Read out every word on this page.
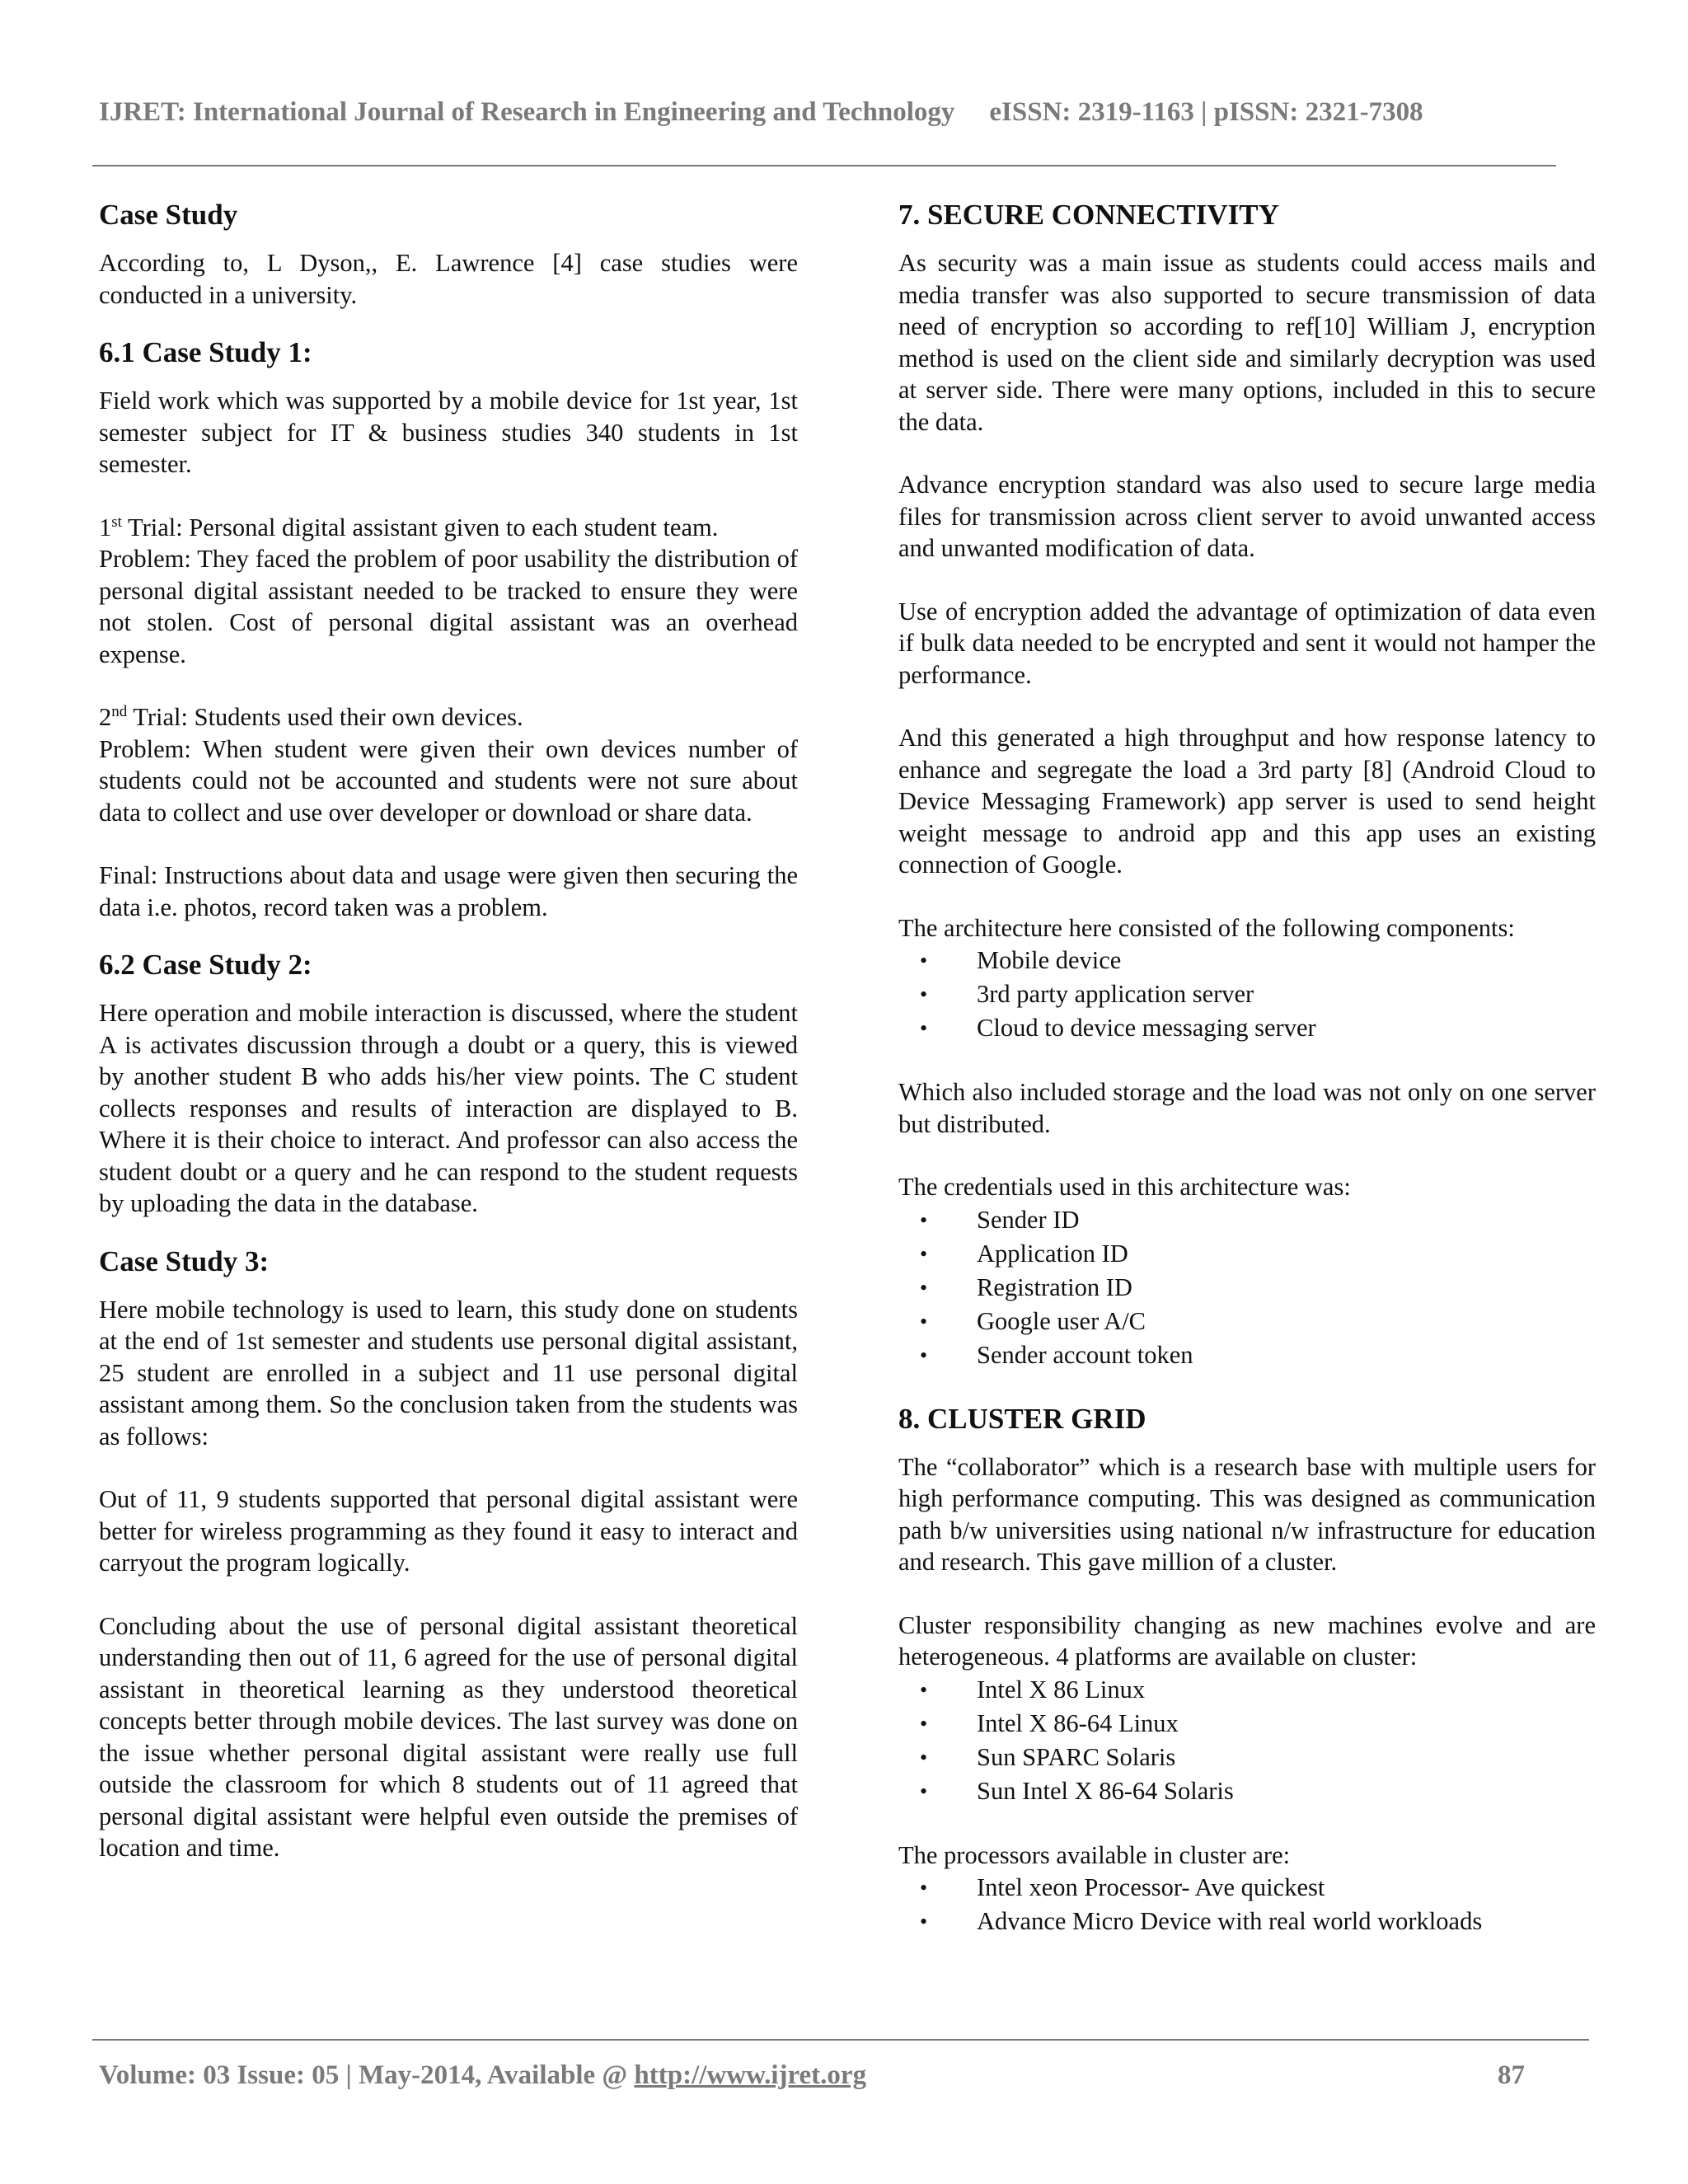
IJRET: International Journal of Research in Engineering and Technology eISSN: 2319-1163 | pISSN: 2321-7308
Case Study

According to, L Dyson,, E. Lawrence [4] case studies were conducted in a university.

6.1 Case Study 1:

Field work which was supported by a mobile device for 1st year, 1st semester subject for IT & business studies 340 students in 1st semester.

1st Trial: Personal digital assistant given to each student team.

Problem: They faced the problem of poor usability the distribution of personal digital assistant needed to be tracked to ensure they were not stolen. Cost of personal digital assistant was an overhead expense.

2nd Trial: Students used their own devices.

Problem: When student were given their own devices number of students could not be accounted and students were not sure about data to collect and use over developer or download or share data.

Final: Instructions about data and usage were given then securing the data i.e. photos, record taken was a problem.

6.2 Case Study 2:

Here operation and mobile interaction is discussed, where the student A is activates discussion through a doubt or a query, this is viewed by another student B who adds his/her view points. The C student collects responses and results of interaction are displayed to B. Where it is their choice to interact. And professor can also access the student doubt or a query and he can respond to the student requests by uploading the data in the database.

Case Study 3:

Here mobile technology is used to learn, this study done on students at the end of 1st semester and students use personal digital assistant, 25 student are enrolled in a subject and 11 use personal digital assistant among them. So the conclusion taken from the students was as follows:

Out of 11, 9 students supported that personal digital assistant were better for wireless programming as they found it easy to interact and carryout the program logically.

Concluding about the use of personal digital assistant theoretical understanding then out of 11, 6 agreed for the use of personal digital assistant in theoretical learning as they understood theoretical concepts better through mobile devices. The last survey was done on the issue whether personal digital assistant were really use full outside the classroom for which 8 students out of 11 agreed that personal digital assistant were helpful even outside the premises of location and time.

7. SECURE CONNECTIVITY

As security was a main issue as students could access mails and media transfer was also supported to secure transmission of data need of encryption so according to ref[10] William J, encryption method is used on the client side and similarly decryption was used at server side. There were many options, included in this to secure the data.

Advance encryption standard was also used to secure large media files for transmission across client server to avoid unwanted access and unwanted modification of data.

Use of encryption added the advantage of optimization of data even if bulk data needed to be encrypted and sent it would not hamper the performance.

And this generated a high throughput and how response latency to enhance and segregate the load a 3rd party [8] (Android Cloud to Device Messaging Framework) app server is used to send height weight message to android app and this app uses an existing connection of Google.

The architecture here consisted of the following components:

• Mobile device
• 3rd party application server
• Cloud to device messaging server

Which also included storage and the load was not only on one server but distributed.

The credentials used in this architecture was:

• Sender ID
• Application ID
• Registration ID
• Google user A/C
• Sender account token
8. CLUSTER GRID

The “collaborator” which is a research base with multiple users for high performance computing. This was designed as communication path b/w universities using national n/w infrastructure for education and research. This gave million of a cluster.

Cluster responsibility changing as new machines evolve and are heterogeneous. 4 platforms are available on cluster:

• Intel X 86 Linux
• Intel X 86-64 Linux
• Sun SPARC Solaris
• Sun Intel X 86-64 Solaris

The processors available in cluster are:

• Intel xeon Processor- Ave quickest
• Advance Micro Device with real world workloads
Volume: 03 Issue: 05 | May-2014, Available @ http://www.ijret.org	87
